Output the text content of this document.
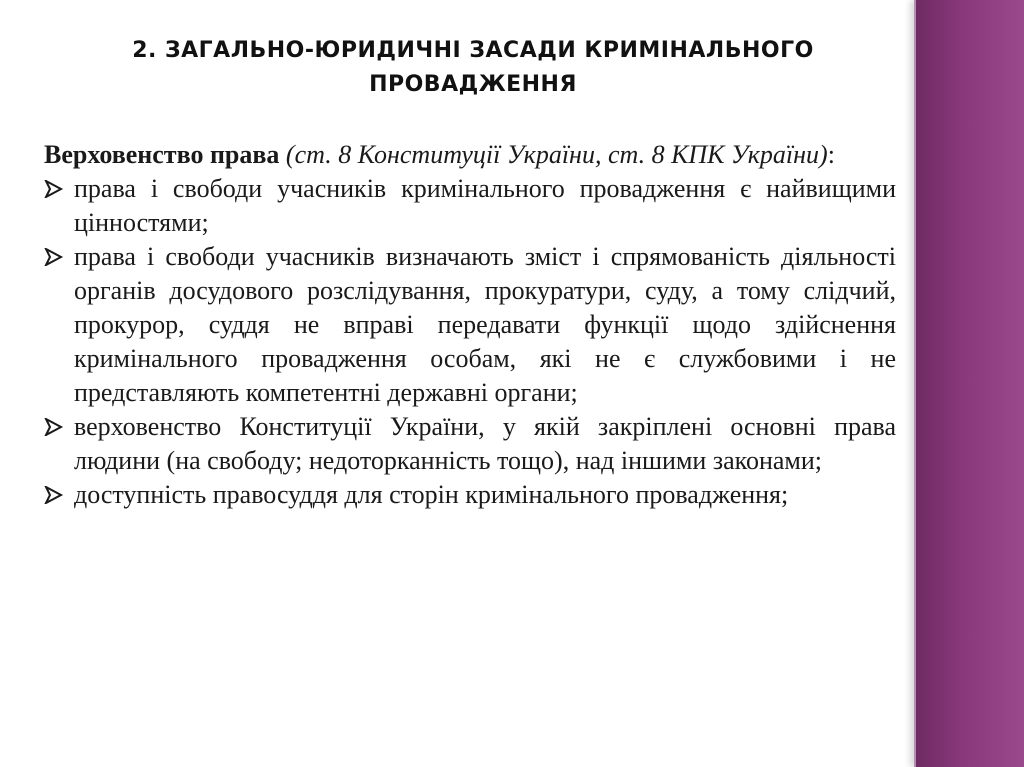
2. ЗАГАЛЬНО-ЮРИДИЧНІ ЗАСАДИ КРИМІНАЛЬНОГО
ПРОВАДЖЕННЯ

Верховенство права (ст. 8 Конституції України, ст. 8 КПК України):

права і свободи учасників кримінального провадження є найвищими цінностями;
права і свободи учасників визначають зміст і спрямованість діяльності органів досудового розслідування, прокуратури, суду, а тому слідчий, прокурор, суддя не вправі передавати функції щодо здійснення кримінального провадження особам, які не є службовими і не представляють компетентні державні органи;
верховенство Конституції України, у якій закріплені основні права людини (на свободу; недоторканність тощо), над іншими законами;
доступність правосуддя для сторін кримінального провадження;
